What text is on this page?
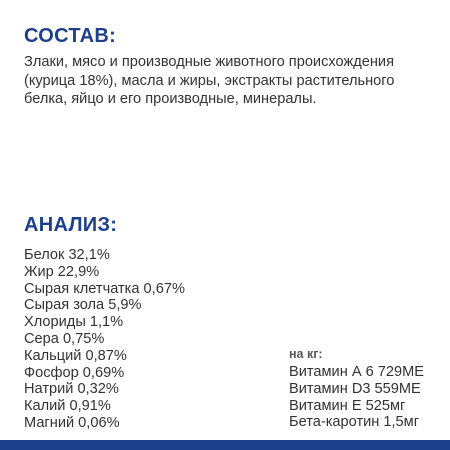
СОСТАВ:

Злаки, мясо и производные животного происхождения (курица 18%), масла и жиры, экстракты растительного белка, яйцо и его производные, минералы.

АНАЛИЗ:
Белок 32,1%
Жир 22,9%
Сырая клетчатка 0,67%
Сырая зола 5,9%
Хлориды 1,1%
Сера 0,75%
Кальций 0,87%
Фосфор 0,69%
Натрий 0,32%
Калий 0,91%
Магний 0,06%
на кг:
Витамин А 6 729МЕ
Витамин D3 559МЕ
Витамин Е 525мг
Бета-каротин 1,5мг
